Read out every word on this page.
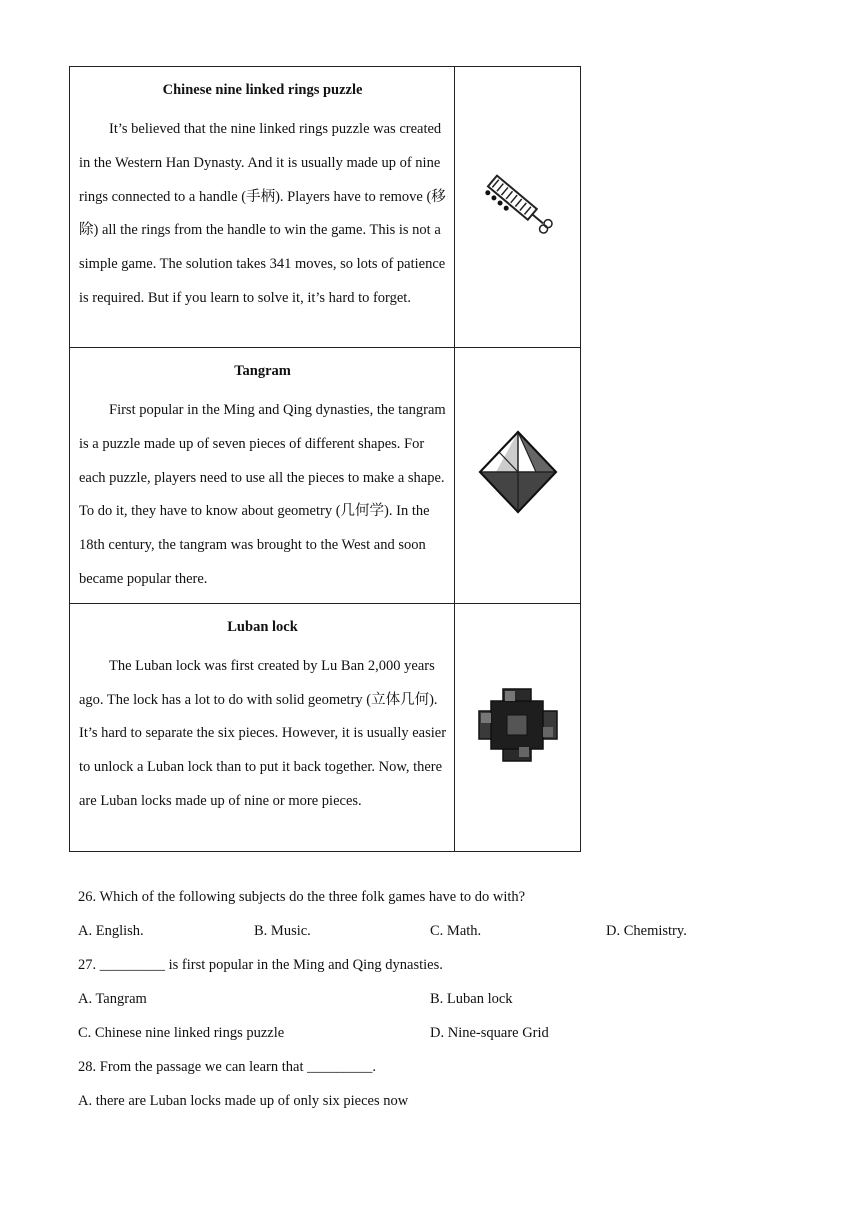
Chinese nine linked rings puzzle

It’s believed that the nine linked rings puzzle was created in the Western Han Dynasty. And it is usually made up of nine rings connected to a handle (手柄). Players have to remove (移除) all the rings from the handle to win the game. This is not a simple game. The solution takes 341 moves, so lots of patience is required. But if you learn to solve it, it’s hard to forget.

Tangram

First popular in the Ming and Qing dynasties, the tangram is a puzzle made up of seven pieces of different shapes. For each puzzle, players need to use all the pieces to make a shape. To do it, they have to know about geometry (几何学). In the 18th century, the tangram was brought to the West and soon became popular there.

Luban lock

The Luban lock was first created by Lu Ban 2,000 years ago. The lock has a lot to do with solid geometry (立体几何). It’s hard to separate the six pieces. However, it is usually easier to unlock a Luban lock than to put it back together. Now, there are Luban locks made up of nine or more pieces.

26. Which of the following subjects do the three folk games have to do with?
A. English.	B. Music.	C. Math.	D. Chemistry.
27. _________ is first popular in the Ming and Qing dynasties.
A. Tangram	B. Luban lock
C. Chinese nine linked rings puzzle	D. Nine-square Grid
28. From the passage we can learn that _________.
A. there are Luban locks made up of only six pieces now
